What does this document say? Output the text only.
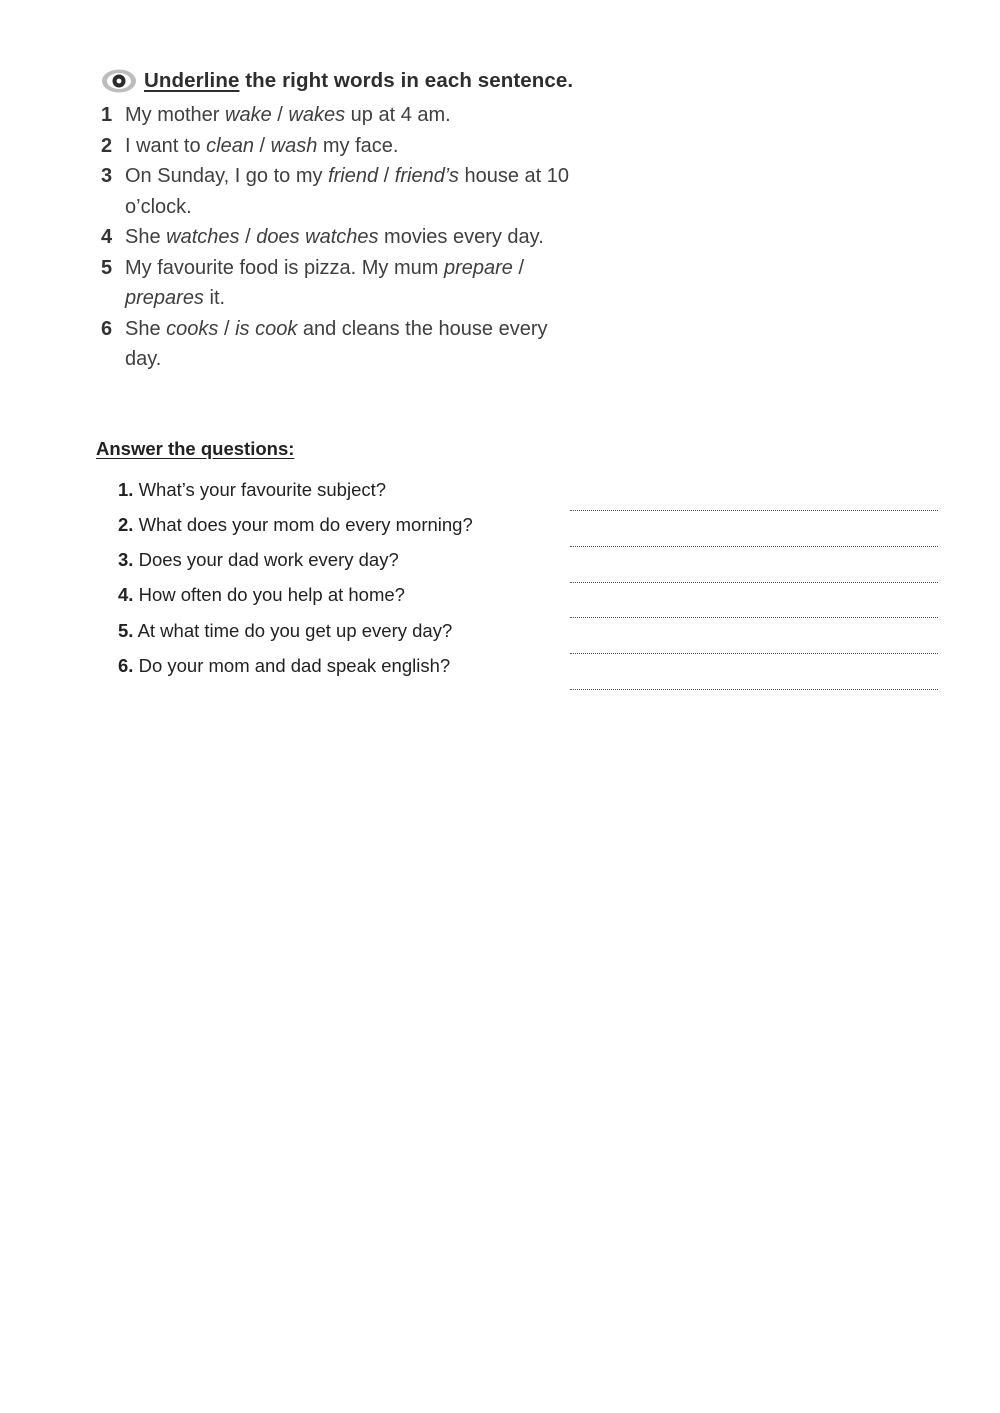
Underline the right words in each sentence.
1 My mother wake / wakes up at 4 am.
2 I want to clean / wash my face.
3 On Sunday, I go to my friend / friend’s house at 10 o’clock.
4 She watches / does watches movies every day.
5 My favourite food is pizza. My mum prepare / prepares it.
6 She cooks / is cook and cleans the house every day.
Answer the questions:
1. What’s your favourite subject?
2. What does your mom do every morning?
3. Does your dad work every day?
4. How often do you help at home?
5. At what time do you get up every day?
6. Do your mom and dad speak english?
